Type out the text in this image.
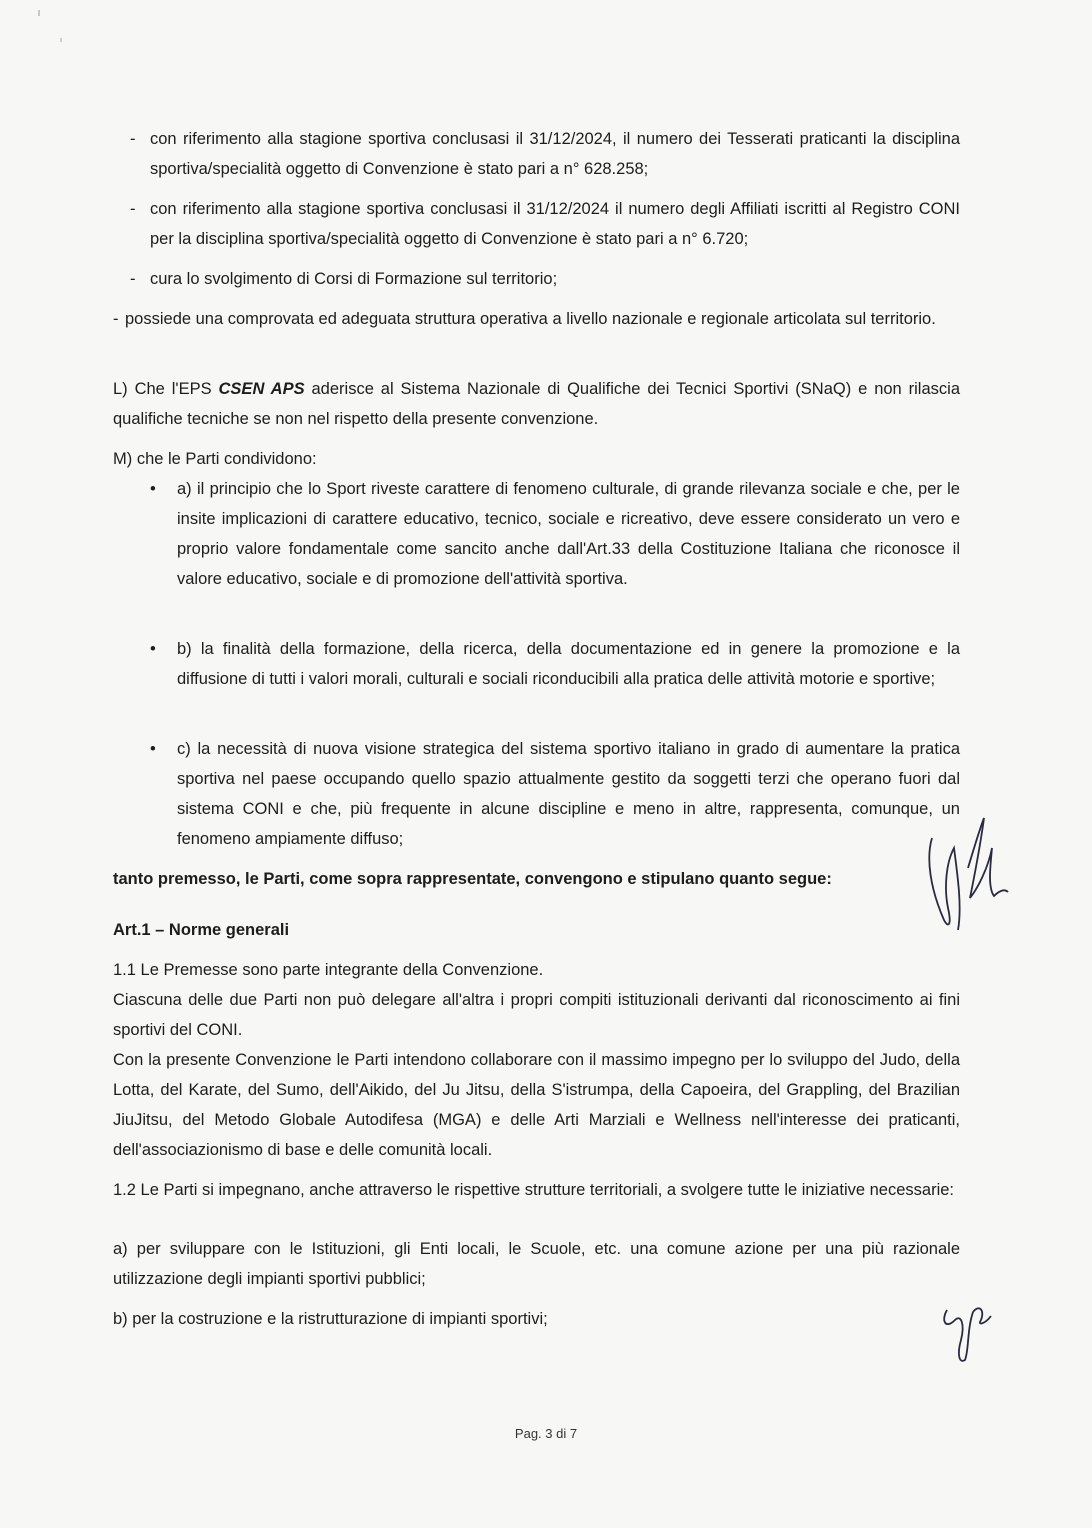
- con riferimento alla stagione sportiva conclusasi il 31/12/2024, il numero dei Tesserati praticanti la disciplina sportiva/specialità oggetto di Convenzione è stato pari a n° 628.258;
- con riferimento alla stagione sportiva conclusasi il 31/12/2024 il numero degli Affiliati iscritti al Registro CONI per la disciplina sportiva/specialità oggetto di Convenzione è stato pari a n° 6.720;
- cura lo svolgimento di Corsi di Formazione sul territorio;
- possiede una comprovata ed adeguata struttura operativa a livello nazionale e regionale articolata sul territorio.
L) Che l'EPS CSEN APS aderisce al Sistema Nazionale di Qualifiche dei Tecnici Sportivi (SNaQ) e non rilascia qualifiche tecniche se non nel rispetto della presente convenzione.
M) che le Parti condividono:
•	a) il principio che lo Sport riveste carattere di fenomeno culturale, di grande rilevanza sociale e che, per le insite implicazioni di carattere educativo, tecnico, sociale e ricreativo, deve essere considerato un vero e proprio valore fondamentale come sancito anche dall'Art.33 della Costituzione Italiana che riconosce il valore educativo, sociale e di promozione dell'attività sportiva.
•	b) la finalità della formazione, della ricerca, della documentazione ed in genere la promozione e la diffusione di tutti i valori morali, culturali e sociali riconducibili alla pratica delle attività motorie e sportive;
•	c) la necessità di nuova visione strategica del sistema sportivo italiano in grado di aumentare la pratica sportiva nel paese occupando quello spazio attualmente gestito da soggetti terzi che operano fuori dal sistema CONI e che, più frequente in alcune discipline e meno in altre, rappresenta, comunque, un fenomeno ampiamente diffuso;
tanto premesso, le Parti, come sopra rappresentate, convengono e stipulano quanto segue:
Art.1 – Norme generali
1.1 Le Premesse sono parte integrante della Convenzione.
Ciascuna delle due Parti non può delegare all'altra i propri compiti istituzionali derivanti dal riconoscimento ai fini sportivi del CONI.
Con la presente Convenzione le Parti intendono collaborare con il massimo impegno per lo sviluppo del Judo, della Lotta, del Karate, del Sumo, dell'Aikido, del Ju Jitsu, della S'istrumpa, della Capoeira, del Grappling, del Brazilian JiuJitsu, del Metodo Globale Autodifesa (MGA) e delle Arti Marziali e Wellness nell'interesse dei praticanti, dell'associazionismo di base e delle comunità locali.
1.2 Le Parti si impegnano, anche attraverso le rispettive strutture territoriali, a svolgere tutte le iniziative necessarie:
a) per sviluppare con le Istituzioni, gli Enti locali, le Scuole, etc. una comune azione per una più razionale utilizzazione degli impianti sportivi pubblici;
b) per la costruzione e la ristrutturazione di impianti sportivi;
Pag. 3 di 7
